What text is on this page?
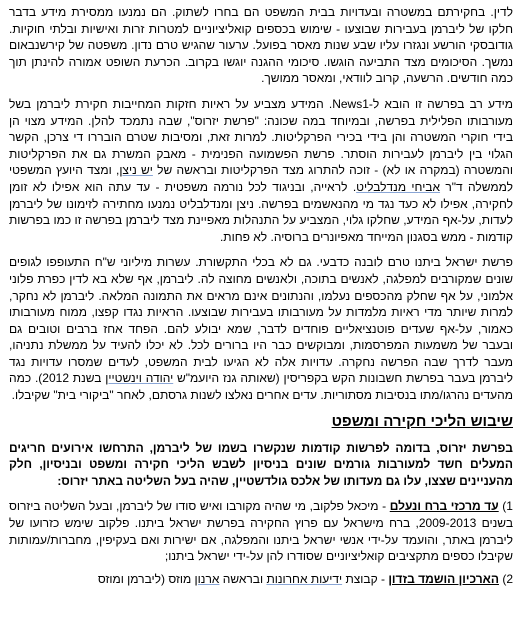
לדין. בחקירתם במשטרה ובעדויות בבית המשפט הם בחרו לשתוק. הם נמנעו ממסירת מידע בדבר חלקו של ליברמן בעבירות שבוצעו - שימוש בכספים קואליציוניים למטרות זרות ואישיות ובלתי חוקיות. גודובסקי הורשע ונגזרו עליו שבע שנות מאסר בפועל. ערעור שהגיש טרם נדון. משפטה של קירשנבאום נמשך. הסיכומים מצד התביעה הוגשו. סיכומי ההגנה יוגשו בקרוב. הכרעת השופט אמורה להינתן תוך כמה חודשים. הרשעה, קרוב לוודאי, ומאסר ממושך.

מידע רב בפרשה זו הובא ל-News1. המידע מצביע על ראיות חזקות המחייבות חקירת ליברמן בשל מעורבותו הפלילית בפרשה, ובמיוחד במה שכונה: "פרשת יזרוס", שבה נתמכד להלן. המידע מצוי הן בידי חוקרי המשטרה והן בידי בכירי הפרקליטות. למרות זאת, ומסיבות שטרם הובררו די צרכן, הקשר הגלוי בין ליברמן לעבירות הוסתר. פרשת הפשמועה הפנימית - מאבק המשרת גם את הפרקליטות והמשטרה (במקרה או לא) - זוכה להתרוג מצד הפרקליטות ובראשה של יש ניצן, ומצד היועץ המשפטי לממשלה ד"ר אביחי מנדלבליט. לראייה, ובניגוד לכל נורמה משפטית - עד עתה הוא אפילו לא זומן לחקירה, אפילו לא כעד נגד מי מהנאשמים בפרשה. ניצן ומנדלבליט נמנעו מחתירה לזימונו של ליברמן לעדות, על-אף המידע, שחלקו גלוי, המצביע על התנהלות מאפיינת מצד ליברמן בפרשה זו כמו בפרשות קודמות - ממש בסגנון המייחד מאפיונרים ברוסיה. לא פחות.

פרשת ישראל ביתנו טרם לובנה כדבעי. גם לא בכלי התקשורת. עשרות מיליוני ש"ח התעופפו לגופים שונים שמקורבים למפלגה, לאנשים בתוכה, ולאנשים מחוצה לה. ליברמן, אף שלא בא לדין כפרת פלוני אלמוני, על אף שחלק מהכספים נעלמו, והנתונים אינם מראים את התמונה המלאה. ליברמן לא נחקר, למרות שיותר מדי ראיות מלמדות על מעורבותו בעבירות שבוצעו. הראיות נגדו קפצו, ממוח מעורבותו כאמור, על-אף שעדים פוטנציאליים פוחדים לדבר, שמא יבולע להם. הפחד אחז ברבים וטובים גם ובעבר של משמעות המפרסמות, ומבוקשים כבר היו ברורים לכל. לא יכלו להעיד על ממשלת נתניהו, מעבר לדרך שבה הפרשה נחקרה. עדויות אלה לא הגיעו לבית המשפט, לעדים שמסרו עדויות נגד ליברמן בעבר בפרשת חשבונות הקש בקפריסין (שאותה גנז היועמ"ש יהודה וינשטיין בשנת 2012). כמה מהעדים נהרגו/מתו בנסיבות מסתוריות. עדים אחרים נאלצו לשנות גרסתם, לאחר "ביקורי בית" שקיבלו.

שיבוש הליכי חקירה ומשפט

בפרשת יזרוס, בדומה לפרשות קודמות שנקשרו בשמו של ליברמן, התרחשו אירועים חריגים המעלים חשד למעורבות גורמים שונים בניסיון לשבש הליכי חקירה ומשפט ובניסיון, חלק מהעניינים שצצו, עלו גם מעדותו של אלכס גולדשטיין, שהיה בעל השליטה באתר יזרוס:

1) עד מרכזי ברח ונעלם - מיכאל פלקוב, מי שהיה מקורבו ואיש סודו של ליברמן, ובעל השליטה ביזרוס בשנים 2009-2013, ברח מישראל עם פרוץ החקירה בפרשת ישראל ביתנו. פלקוב שימש כזרועו של ליברמן באתר, והועמד על-ידי אנשי ישראל ביתנו והמפלגה, אם ישירות ואם בעקיפין, מחברות/עמותות שקיבלו כספים מתקציבים קואליציוניים שסודרו להן על-ידי ישראל ביתנו;
2) הארכיון הושמד בזדון - קבוצת ידיעות אחרונות ובראשה ארנון מוזס (ליברמן ומוזס
